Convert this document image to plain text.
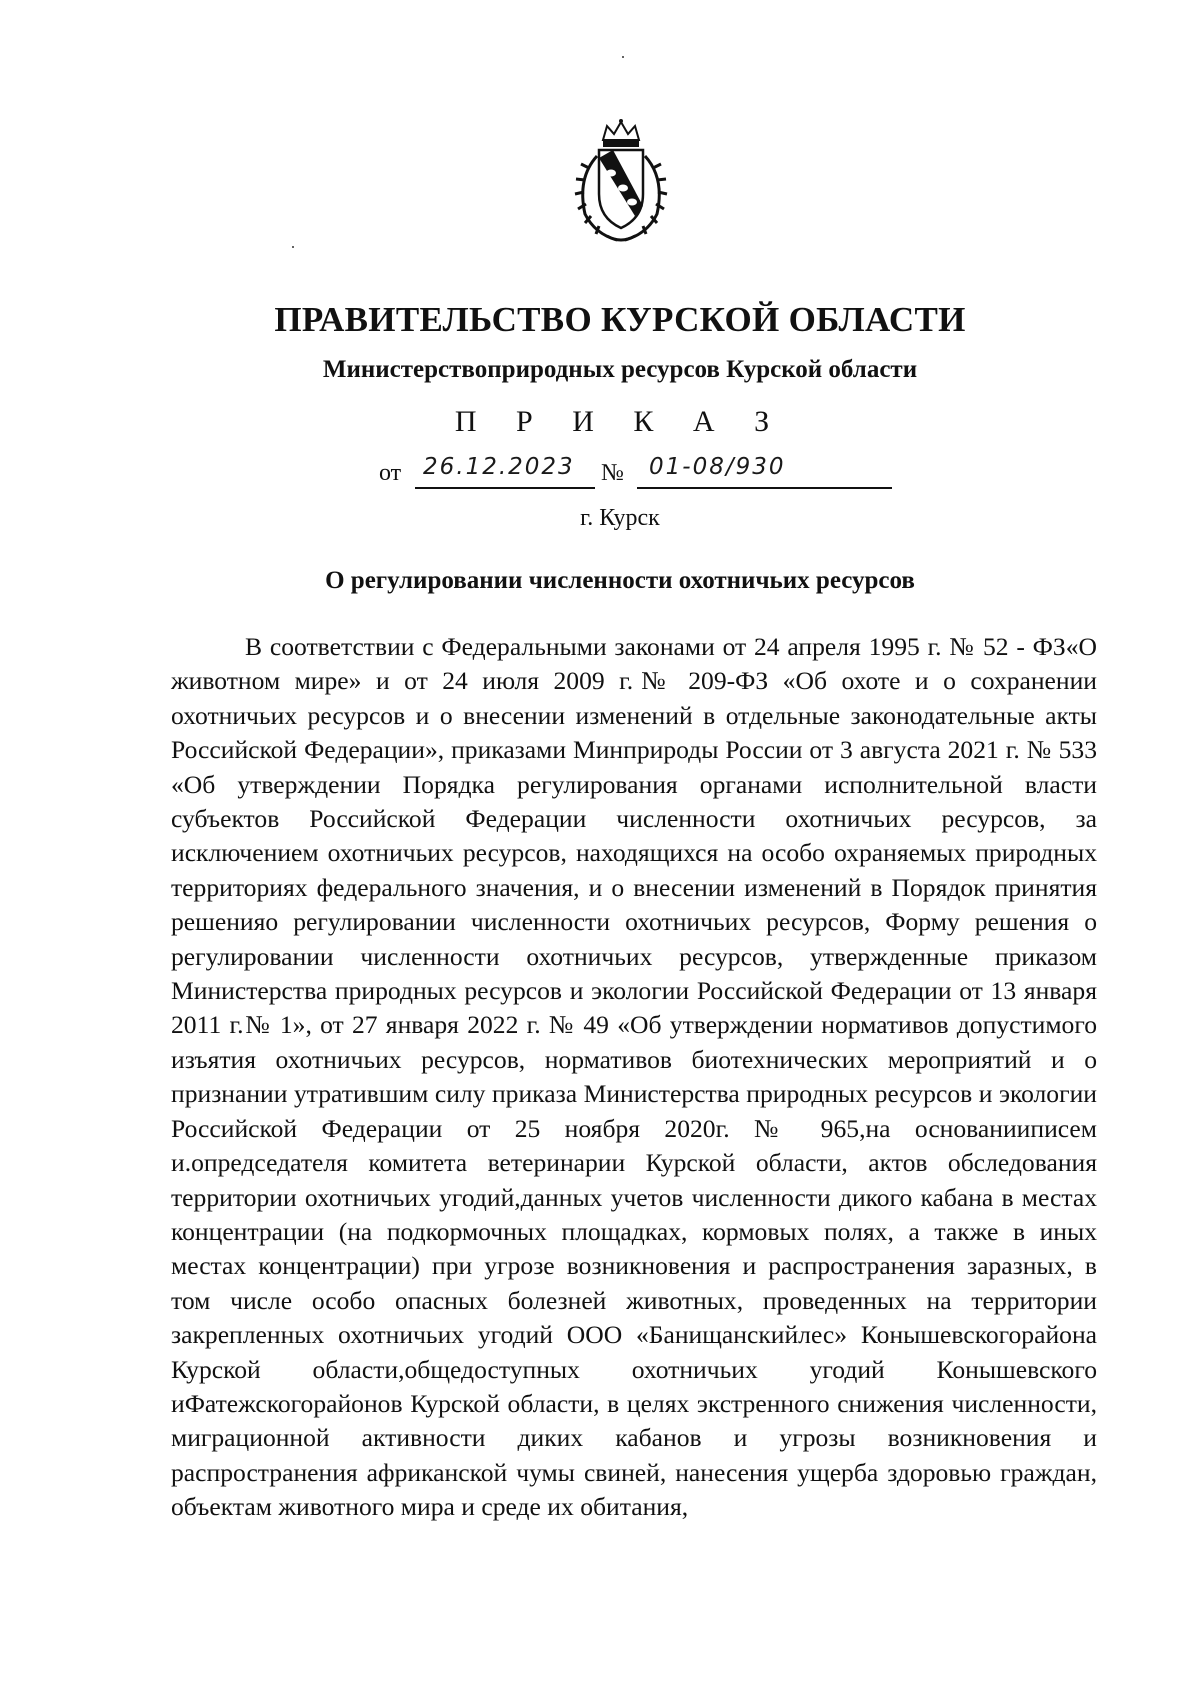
ПРАВИТЕЛЬСТВО КУРСКОЙ ОБЛАСТИ
Министерствоприродных ресурсов Курской области
П Р И К А З
от 26.12.2023 № 01-08/930
г. Курск
О регулировании численности охотничьих ресурсов

В соответствии с Федеральными законами от 24 апреля 1995 г. № 52 - ФЗ«О животном мире» и от 24 июля 2009 г.№ 209-ФЗ «Об охоте и о сохранении охотничьих ресурсов и о внесении изменений в отдельные законодательные акты Российской Федерации», приказами Минприроды России от 3 августа 2021 г. № 533 «Об утверждении Порядка регулирования органами исполнительной власти субъектов Российской Федерации численности охотничьих ресурсов, за исключением охотничьих ресурсов, находящихся на особо охраняемых природных территориях федерального значения, и о внесении изменений в Порядок принятия решенияо регулировании численности охотничьих ресурсов, Форму решения о регулировании численности охотничьих ресурсов, утвержденные приказом Министерства природных ресурсов и экологии Российской Федерации от 13 января 2011 г.№ 1», от 27 января 2022 г. № 49 «Об утверждении нормативов допустимого изъятия охотничьих ресурсов, нормативов биотехнических мероприятий и о признании утратившим силу приказа Министерства природных ресурсов и экологии Российской Федерации от 25 ноября 2020г. № 965,на основанииписем и.опредседателя комитета ветеринарии Курской области, актов обследования территории охотничьих угодий,данных учетов численности дикого кабана в местах концентрации (на подкормочных площадках, кормовых полях, а также в иных местах концентрации) при угрозе возникновения и распространения заразных, в том числе особо опасных болезней животных, проведенных на территории закрепленных охотничьих угодий ООО «Банищанскийлес» Конышевскогорайона Курской области,общедоступных охотничьих угодий Конышевского иФатежскогорайонов Курской области, в целях экстренного снижения численности, миграционной активности диких кабанов и угрозы возникновения и распространения африканской чумы свиней, нанесения ущерба здоровью граждан, объектам животного мира и среде их обитания,
